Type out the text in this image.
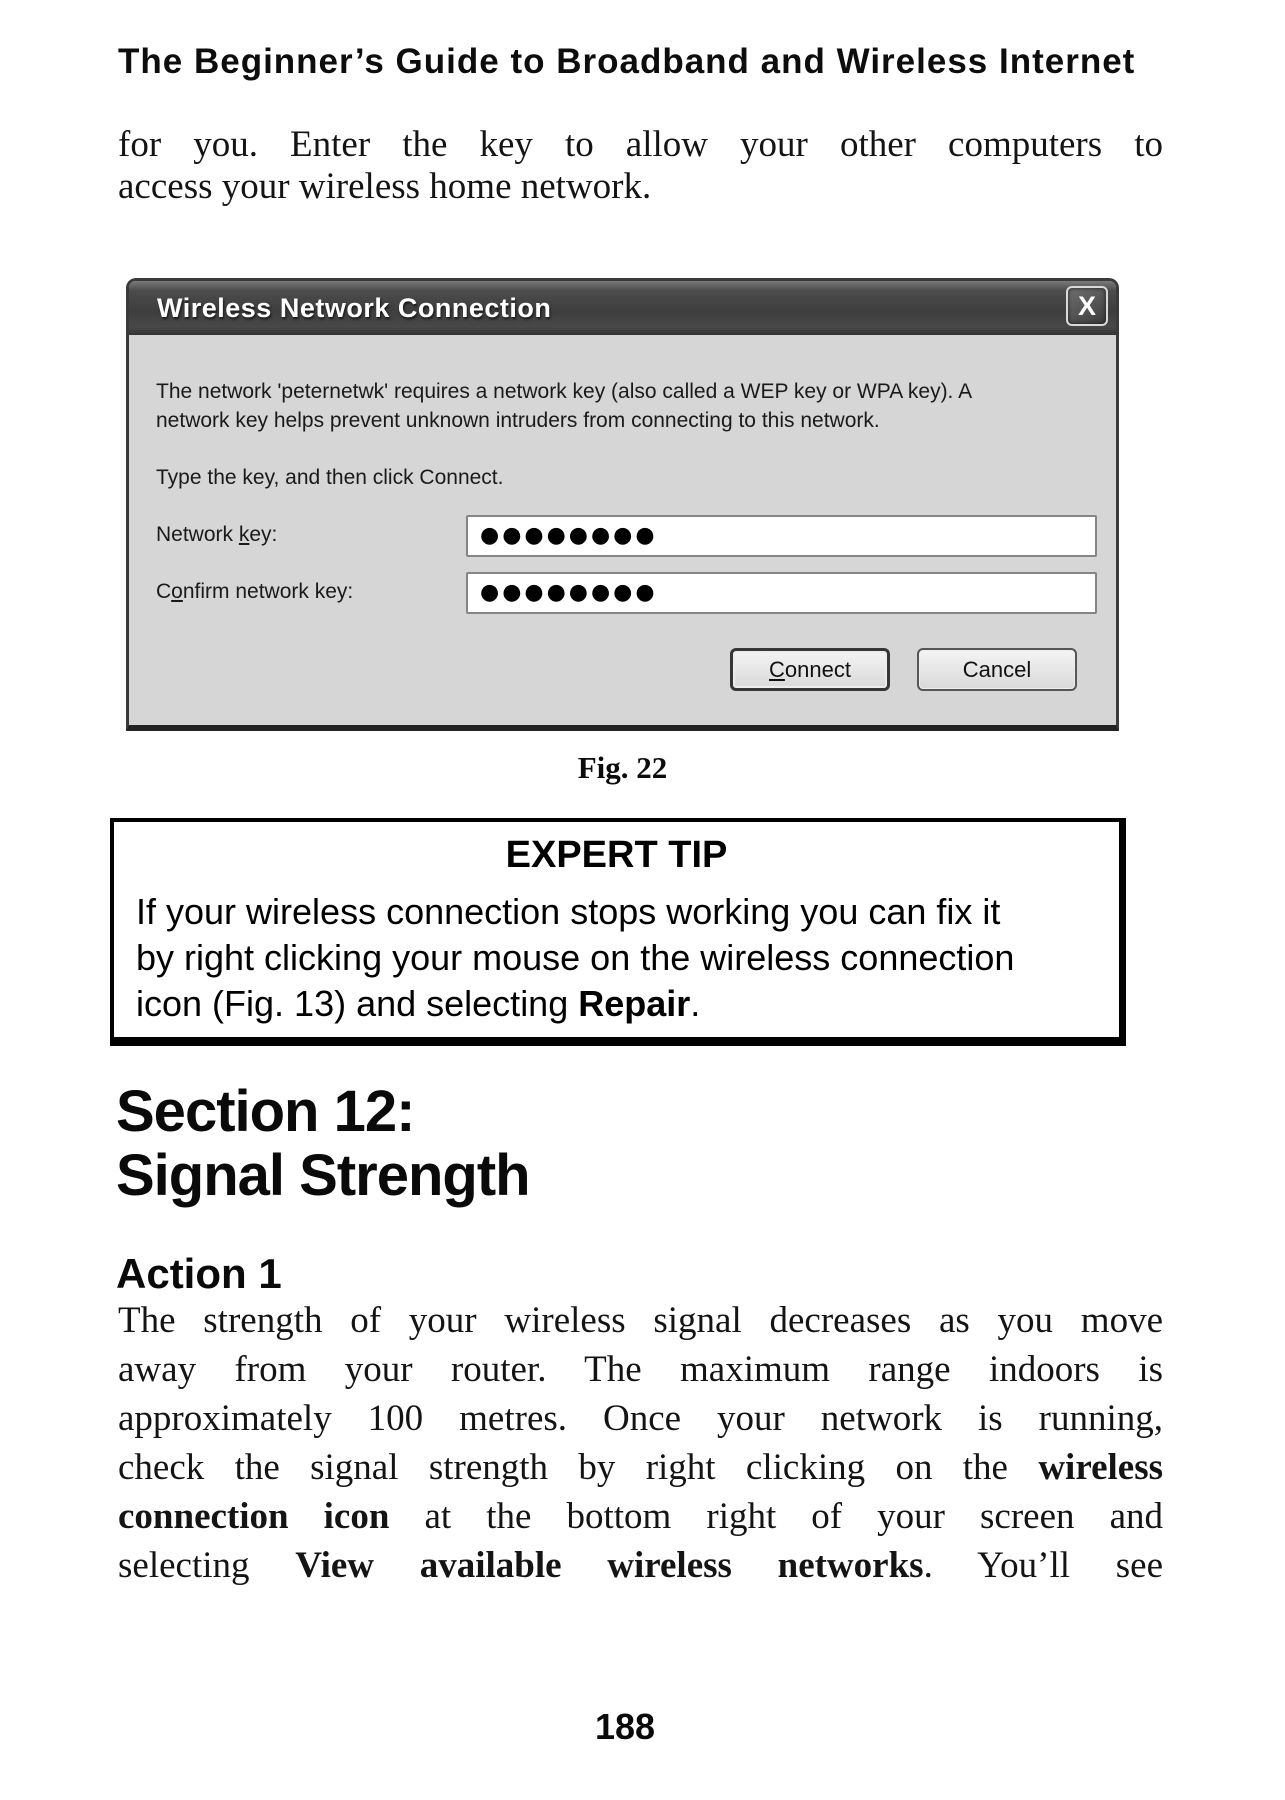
The Beginner’s Guide to Broadband and Wireless Internet
for you. Enter the key to allow your other computers to
access your wireless home network.
Wireless Network Connection	X
The network 'peternetwk' requires a network key (also called a WEP key or WPA key). A
network key helps prevent unknown intruders from connecting to this network.
Type the key, and then click Connect.
Network key:	●●●●●●●●
Confirm network key:	●●●●●●●●
Connect	Cancel
Fig. 22
EXPERT TIP
If your wireless connection stops working you can fix it
by right clicking your mouse on the wireless connection
icon (Fig. 13) and selecting Repair.
Section 12:
Signal Strength
Action 1
The strength of your wireless signal decreases as you move
away from your router. The maximum range indoors is
approximately 100 metres. Once your network is running,
check the signal strength by right clicking on the wireless
connection icon at the bottom right of your screen and
selecting View available wireless networks. You’ll see
188
